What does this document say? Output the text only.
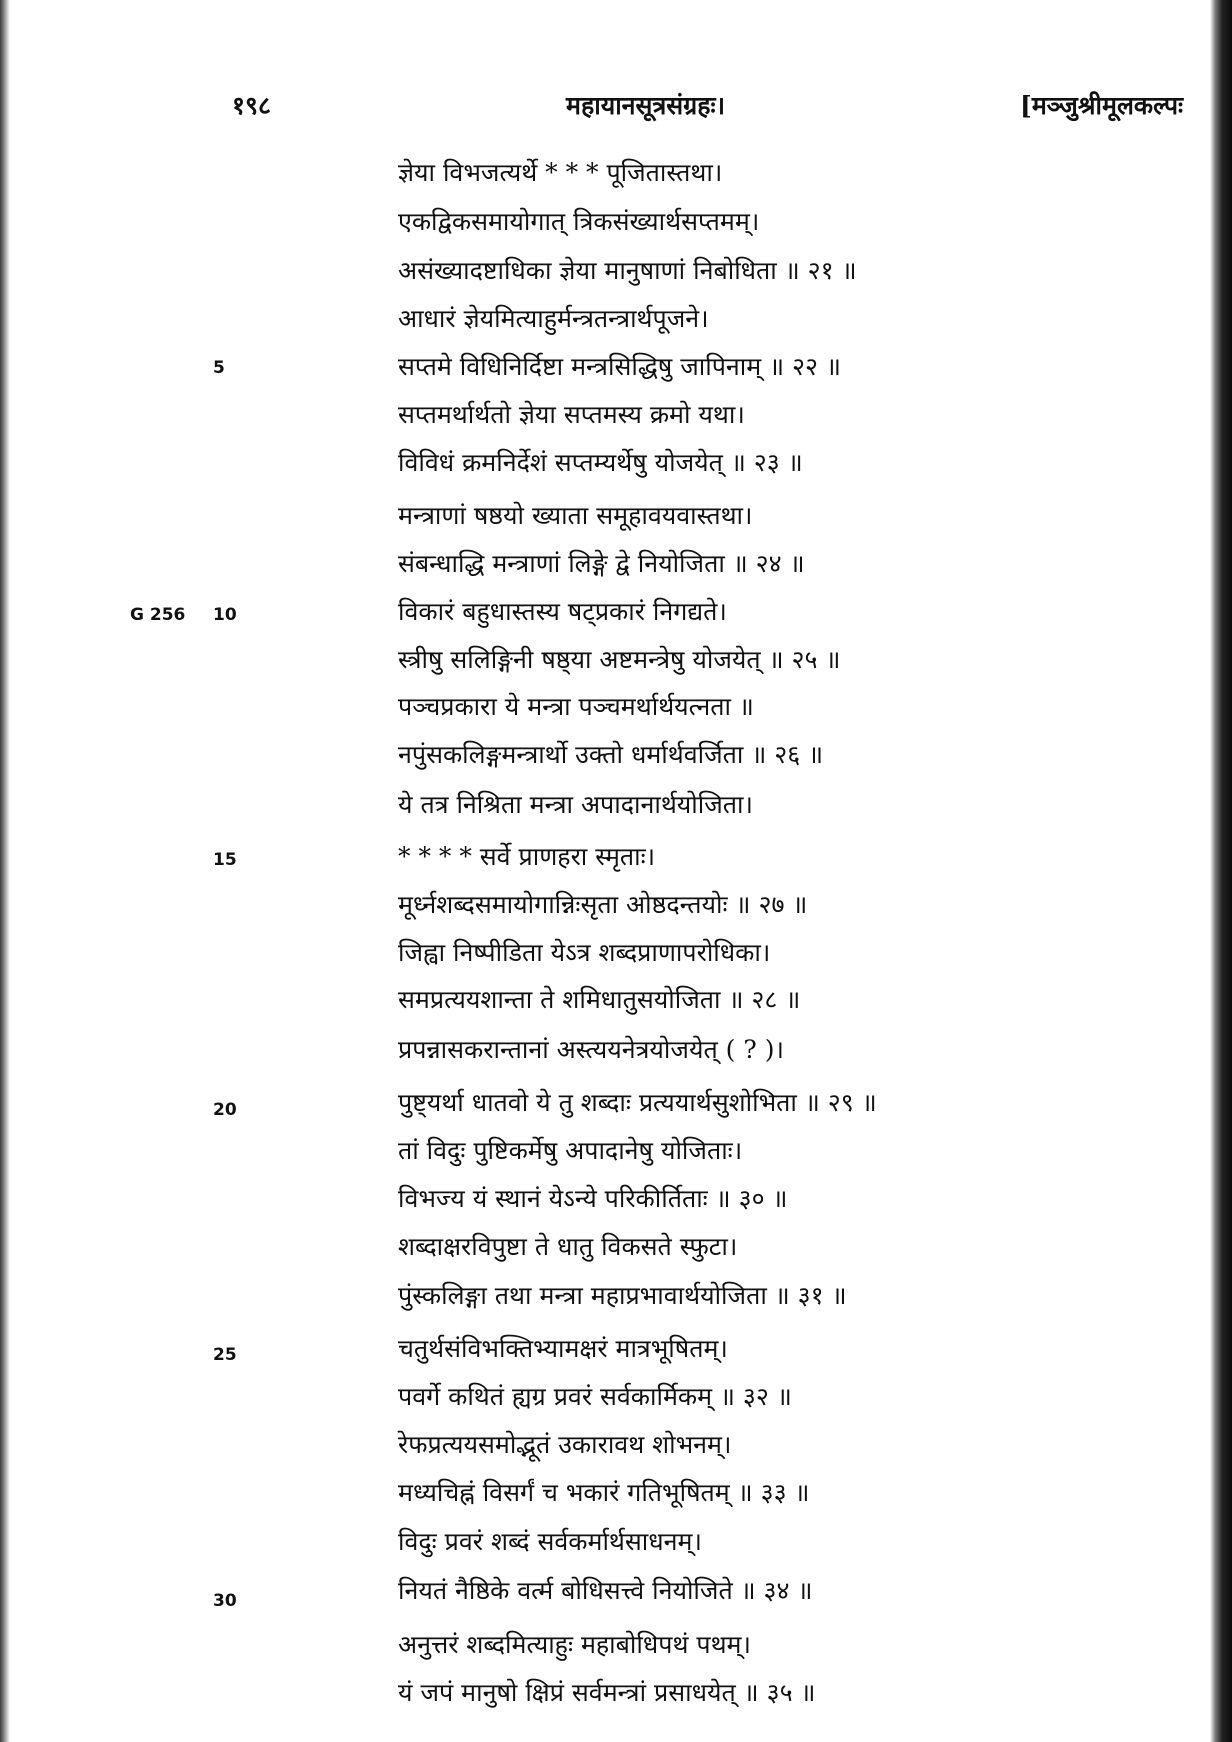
१९८	महायानसूत्रसंग्रहः।	[मञ्जुश्रीमूलकल्पः
G 256
5
10
15
20
25
30
ज्ञेया विभजत्यर्थे * * * पूजितास्तथा।
एकद्विकसमायोगात् त्रिकसंख्यार्थसप्तमम्।
असंख्यादष्टाधिका ज्ञेया मानुषाणां निबोधिता ॥ २१ ॥
आधारं ज्ञेयमित्याहुर्मन्त्रतन्त्रार्थपूजने।
सप्तमे विधिनिर्दिष्टा मन्त्रसिद्धिषु जापिनाम् ॥ २२ ॥
सप्तमर्थार्थतो ज्ञेया सप्तमस्य क्रमो यथा।
विविधं क्रमनिर्देशं सप्तम्यर्थेषु योजयेत् ॥ २३ ॥
मन्त्राणां षष्ठयो ख्याता समूहावयवास्तथा।
संबन्धाद्धि मन्त्राणां लिङ्गे द्वे नियोजिता ॥ २४ ॥
विकारं बहुधास्तस्य षट्प्रकारं निगद्यते।
स्त्रीषु सलिङ्गिनी षष्ठ्या अष्टमन्त्रेषु योजयेत् ॥ २५ ॥
पञ्चप्रकारा ये मन्त्रा पञ्चमर्थार्थयत्नता ॥
नपुंसकलिङ्गमन्त्रार्थो उक्तो धर्मार्थवर्जिता ॥ २६ ॥
ये तत्र निश्रिता मन्त्रा अपादानार्थयोजिता।
* * * * सर्वे प्राणहरा स्मृताः।
मूर्ध्नशब्दसमायोगान्निःसृता ओष्ठदन्तयोः ॥ २७ ॥
जिह्वा निष्पीडिता येऽत्र शब्दप्राणापरोधिका।
समप्रत्ययशान्ता ते शमिधातुसयोजिता ॥ २८ ॥
प्रपन्नासकरान्तानां अस्त्ययनेत्रयोजयेत् ( ? )।
पुष्ट्यर्था धातवो ये तु शब्दाः प्रत्ययार्थसुशोभिता ॥ २९ ॥
तां विदुः पुष्टिकर्मेषु अपादानेषु योजिताः।
विभज्य यं स्थानं येऽन्ये परिकीर्तिताः ॥ ३० ॥
शब्दाक्षरविपुष्टा ते धातु विकसते स्फुटा।
पुंस्कलिङ्गा तथा मन्त्रा महाप्रभावार्थयोजिता ॥ ३१ ॥
चतुर्थसंविभक्तिभ्यामक्षरं मात्रभूषितम्।
पवर्गे कथितं ह्यग्र प्रवरं सर्वकार्मिकम् ॥ ३२ ॥
रेफप्रत्ययसमोद्भूतं उकारावथ शोभनम्।
मध्यचिह्नं विसर्गं च भकारं गतिभूषितम् ॥ ३३ ॥
विदुः प्रवरं शब्दं सर्वकर्मार्थसाधनम्।
नियतं नैष्ठिके वर्त्म बोधिसत्त्वे नियोजिते ॥ ३४ ॥
अनुत्तरं शब्दमित्याहुः महाबोधिपथं पथम्।
यं जपं मानुषो क्षिप्रं सर्वमन्त्रां प्रसाधयेत् ॥ ३५ ॥
